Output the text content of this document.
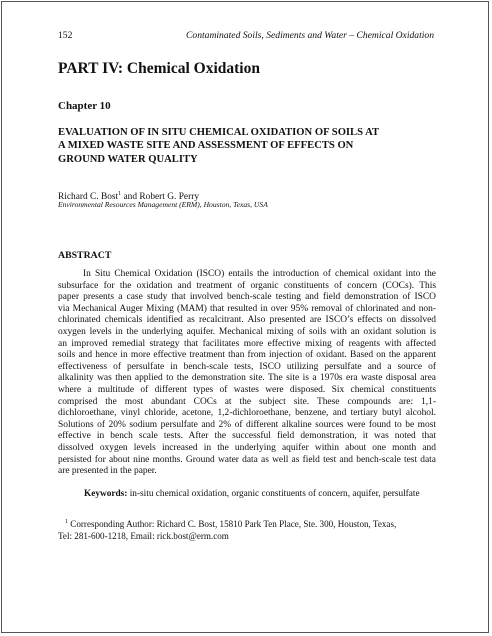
152	Contaminated Soils, Sediments and Water – Chemical Oxidation
PART IV: Chemical Oxidation
Chapter 10
EVALUATION OF IN SITU CHEMICAL OXIDATION OF SOILS AT
A MIXED WASTE SITE AND ASSESSMENT OF EFFECTS ON
GROUND WATER QUALITY
Richard C. Bost$^1$ and Robert G. Perry
Environmental Resources Management (ERM), Houston, Texas, USA
ABSTRACT
In Situ Chemical Oxidation (ISCO) entails the introduction of chemical oxidant into the
subsurface for the oxidation and treatment of organic constituents of concern (COCs). This
paper presents a case study that involved bench-scale testing and field demonstration of ISCO
via Mechanical Auger Mixing (MAM) that resulted in over 95% removal of chlorinated and non-
chlorinated chemicals identified as recalcitrant. Also presented are ISCO’s effects on dissolved
oxygen levels in the underlying aquifer. Mechanical mixing of soils with an oxidant solution is
an improved remedial strategy that facilitates more effective mixing of reagents with affected
soils and hence in more effective treatment than from injection of oxidant. Based on the apparent
effectiveness of persulfate in bench-scale tests, ISCO utilizing persulfate and a source of
alkalinity was then applied to the demonstration site. The site is a 1970s era waste disposal area
where a multitude of different types of wastes were disposed. Six chemical constituents
comprised the most abundant COCs at the subject site. These compounds are: 1,1-
dichloroethane, vinyl chloride, acetone, 1,2-dichloroethane, benzene, and tertiary butyl alcohol.
Solutions of 20% sodium persulfate and 2% of different alkaline sources were found to be most
effective in bench scale tests. After the successful field demonstration, it was noted that
dissolved oxygen levels increased in the underlying aquifer within about one month and
persisted for about nine months. Ground water data as well as field test and bench-scale test data
are presented in the paper.
Keywords: in-situ chemical oxidation, organic constituents of concern, aquifer, persulfate
$^1$ Corresponding Author: Richard C. Bost, 15810 Park Ten Place, Ste. 300, Houston, Texas,
Tel: 281-600-1218, Email: rick.bost@erm.com
